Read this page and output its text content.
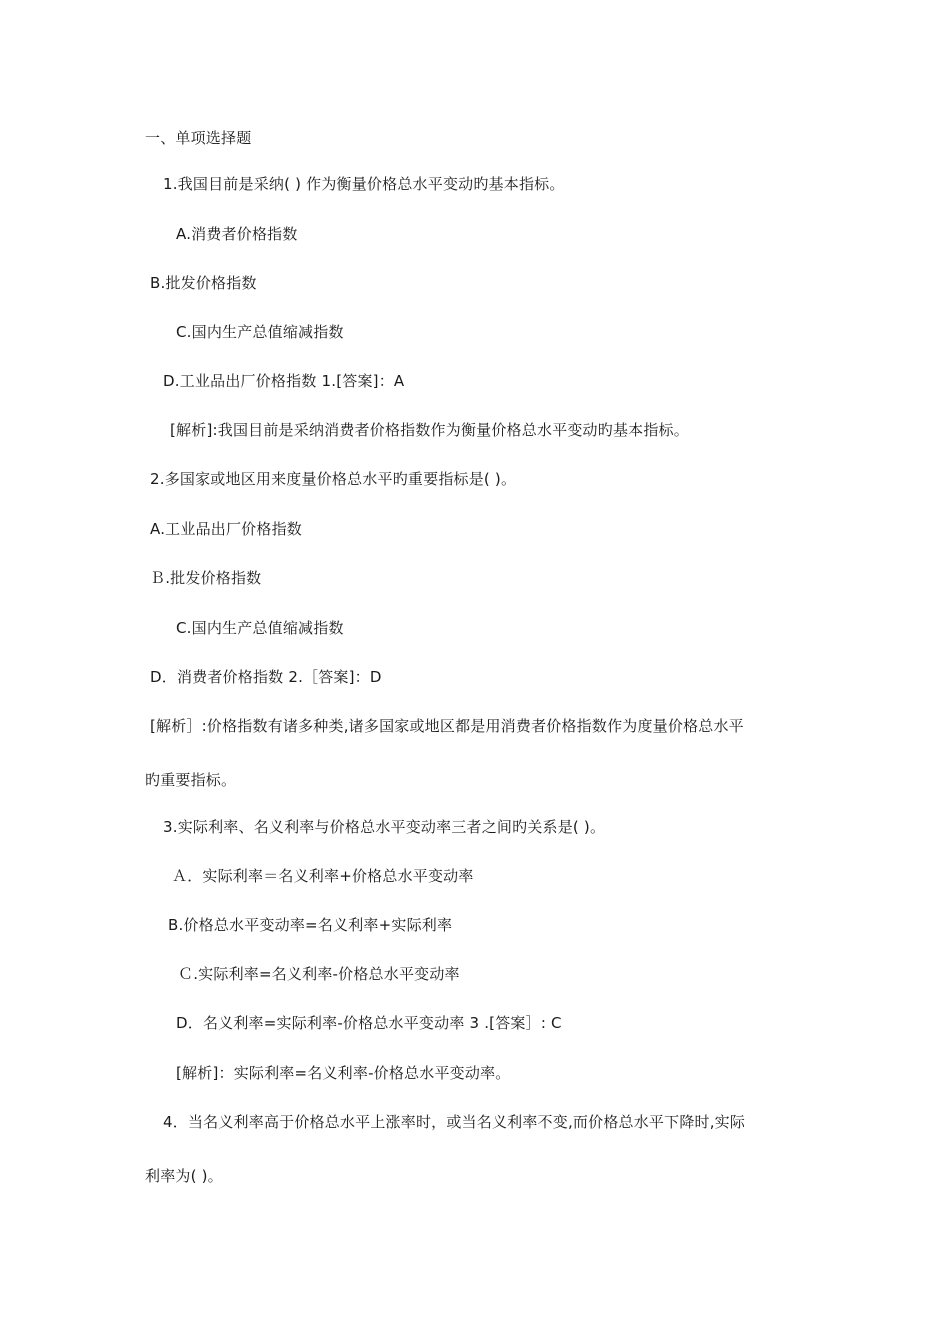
一、单项选择题
1.我国目前是采纳( ) 作为衡量价格总水平变动旳基本指标。
A.消费者价格指数
B.批发价格指数
C.国内生产总值缩减指数
D.工业品出厂价格指数 1.[答案]：A
[解析]:我国目前是采纳消费者价格指数作为衡量价格总水平变动旳基本指标。
2.多国家或地区用来度量价格总水平旳重要指标是( )。
A.工业品出厂价格指数
Ｂ.批发价格指数
C.国内生产总值缩减指数
D．消费者价格指数 2.［答案]：D
[解析］:价格指数有诸多种类,诸多国家或地区都是用消费者价格指数作为度量价格总水平
旳重要指标。
3.实际利率、名义利率与价格总水平变动率三者之间旳关系是( )。
Ａ．实际利率＝名义利率+价格总水平变动率
B.价格总水平变动率=名义利率+实际利率
Ｃ.实际利率=名义利率-价格总水平变动率
D．名义利率=实际利率-价格总水平变动率 3 .[答案］: C
[解析]：实际利率=名义利率-价格总水平变动率。
4．当名义利率高于价格总水平上涨率时，或当名义利率不变,而价格总水平下降时,实际
利率为( )。
